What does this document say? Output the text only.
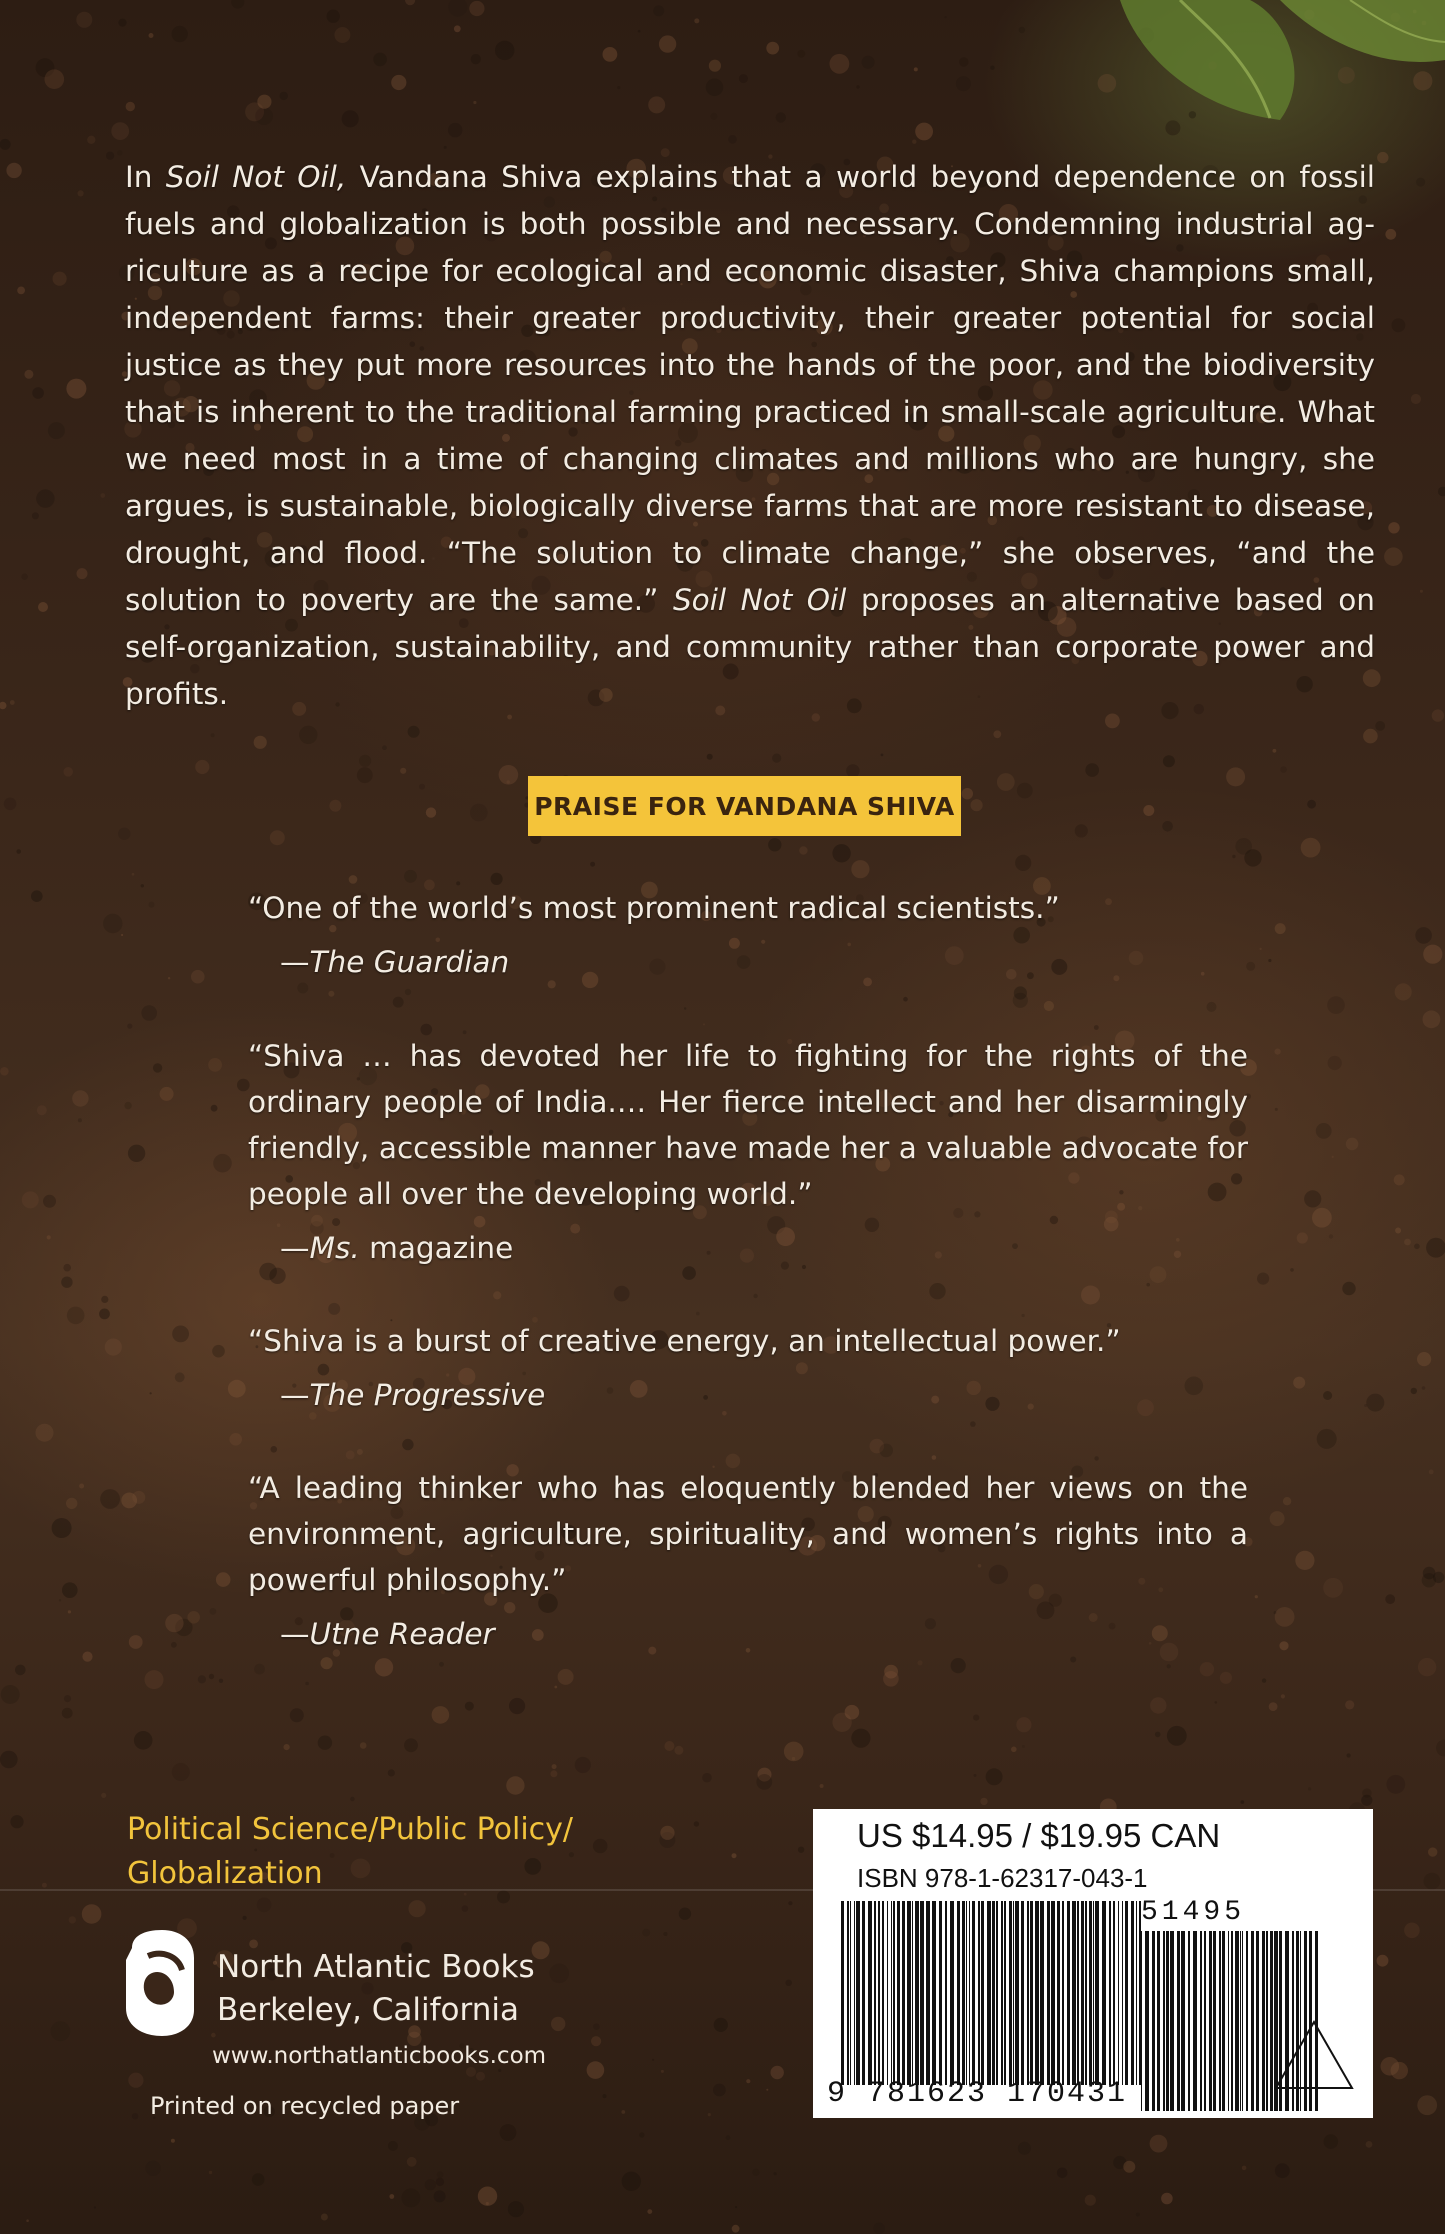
In Soil Not Oil, Vandana Shiva explains that a world beyond dependence on fossil fuels and globalization is both possible and necessary. Condemning industrial agriculture as a recipe for ecological and economic disaster, Shiva champions small, independent farms: their greater productivity, their greater potential for social justice as they put more resources into the hands of the poor, and the biodiversity that is inherent to the traditional farming practiced in small-scale agriculture. What we need most in a time of changing climates and millions who are hungry, she argues, is sustainable, biologically diverse farms that are more resistant to disease, drought, and flood. “The solution to climate change,” she observes, “and the solution to poverty are the same.” Soil Not Oil proposes an alternative based on self-organization, sustainability, and community rather than corporate power and profits.
PRAISE FOR VANDANA SHIVA
“One of the world’s most prominent radical scientists.”
—The Guardian
“Shiva … has devoted her life to fighting for the rights of the ordinary people of India.… Her fierce intellect and her disarmingly friendly, accessible manner have made her a valuable advocate for people all over the developing world.”
—Ms. magazine
“Shiva is a burst of creative energy, an intellectual power.”
—The Progressive
“A leading thinker who has eloquently blended her views on the environment, agriculture, spirituality, and women’s rights into a powerful philosophy.”
—Utne Reader
Political Science/Public Policy/
Globalization
North Atlantic Books
Berkeley, California
www.northatlanticbooks.com
Printed on recycled paper
US $14.95 / $19.95 CAN
ISBN 978-1-62317-043-1
51495
9 781623 170431
